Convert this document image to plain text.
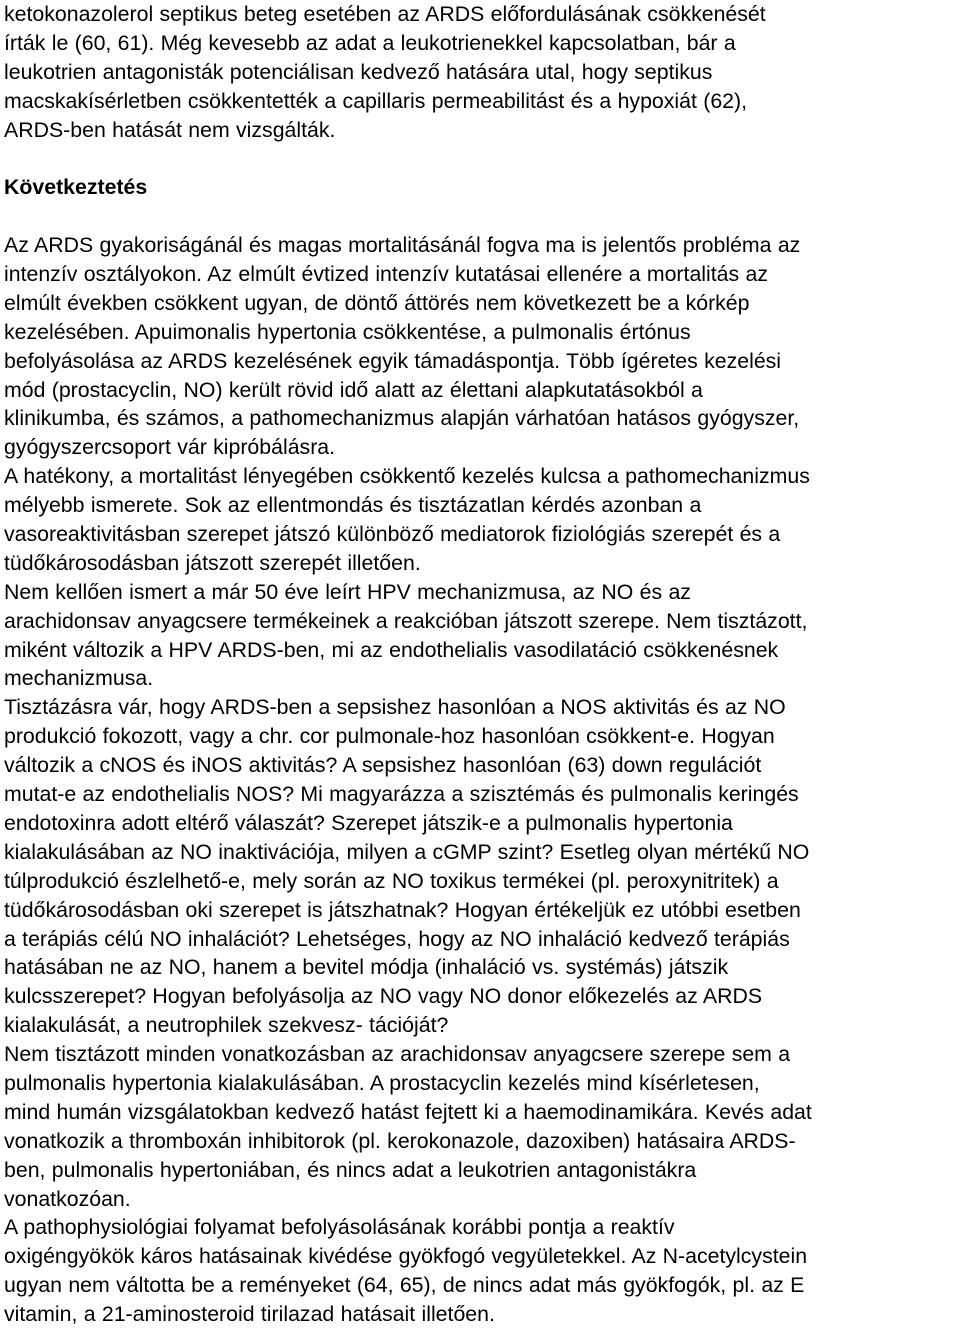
ketokonazolerol septikus beteg esetében az ARDS előfordulásának csökkenését
írták le (60, 61). Még kevesebb az adat a leukotrienekkel kapcsolatban, bár a
leukotrien antagonisták potenciálisan kedvező hatására utal, hogy septikus
macskakísérletben csökkentették a capillaris permeabilitást és a hypoxiát (62),
ARDS-ben hatását nem vizsgálták.
Következtetés
Az ARDS gyakoriságánál és magas mortalitásánál fogva ma is jelentős probléma az
intenzív osztályokon. Az elmúlt évtized intenzív kutatásai ellenére a mortalitás az
elmúlt években csökkent ugyan, de döntő áttörés nem következett be a kórkép
kezelésében. Apuimonalis hypertonia csökkentése, a pulmonalis értónus
befolyásolása az ARDS kezelésének egyik támadáspontja. Több ígéretes kezelési
mód (prostacyclin, NO) került rövid idő alatt az élettani alapkutatásokból a
klinikumba, és számos, a pathomechanizmus alapján várhatóan hatásos gyógyszer,
gyógyszercsoport vár kipróbálásra.
A hatékony, a mortalitást lényegében csökkentő kezelés kulcsa a pathomechanizmus
mélyebb ismerete. Sok az ellentmondás és tisztázatlan kérdés azonban a
vasoreaktivitásban szerepet játszó különböző mediatorok fiziológiás szerepét és a
tüdőkárosodásban játszott szerepét illetően.
Nem kellően ismert a már 50 éve leírt HPV mechanizmusa, az NO és az
arachidonsav anyagcsere termékeinek a reakcióban játszott szerepe. Nem tisztázott,
miként változik a HPV ARDS-ben, mi az endothelialis vasodilatáció csökkenésnek
mechanizmusa.
Tisztázásra vár, hogy ARDS-ben a sepsishez hasonlóan a NOS aktivitás és az NO
produkció fokozott, vagy a chr. cor pulmonale-hoz hasonlóan csökkent-e. Hogyan
változik a cNOS és iNOS aktivitás? A sepsishez hasonlóan (63) down regulációt
mutat-e az endothelialis NOS? Mi magyarázza a szisztémás és pulmonalis keringés
endotoxinra adott eltérő válaszát? Szerepet játszik-e a pulmonalis hypertonia
kialakulásában az NO inaktivációja, milyen a cGMP szint? Esetleg olyan mértékű NO
túlprodukció észlelhető-e, mely során az NO toxikus termékei (pl. peroxynitritek) a
tüdőkárosodásban oki szerepet is játszhatnak? Hogyan értékeljük ez utóbbi esetben
a terápiás célú NO inhalációt? Lehetséges, hogy az NO inhaláció kedvező terápiás
hatásában ne az NO, hanem a bevitel módja (inhaláció vs. systémás) játszik
kulcsszerepet? Hogyan befolyásolja az NO vagy NO donor előkezelés az ARDS
kialakulását, a neutrophilek szekvesz- tációját?
Nem tisztázott minden vonatkozásban az arachidonsav anyagcsere szerepe sem a
pulmonalis hypertonia kialakulásában. A prostacyclin kezelés mind kísérletesen,
mind humán vizsgálatokban kedvező hatást fejtett ki a haemodinamikára. Kevés adat
vonatkozik a thromboxán inhibitorok (pl. kerokonazole, dazoxiben) hatásaira ARDS-
ben, pulmonalis hypertoniában, és nincs adat a leukotrien antagonistákra
vonatkozóan.
A pathophysiológiai folyamat befolyásolásának korábbi pontja a reaktív
oxigéngyökök káros hatásainak kivédése gyökfogó vegyületekkel. Az N-acetylcystein
ugyan nem váltotta be a reményeket (64, 65), de nincs adat más gyökfogók, pl. az E
vitamin, a 21-aminosteroid tirilazad hatásait illetően.
